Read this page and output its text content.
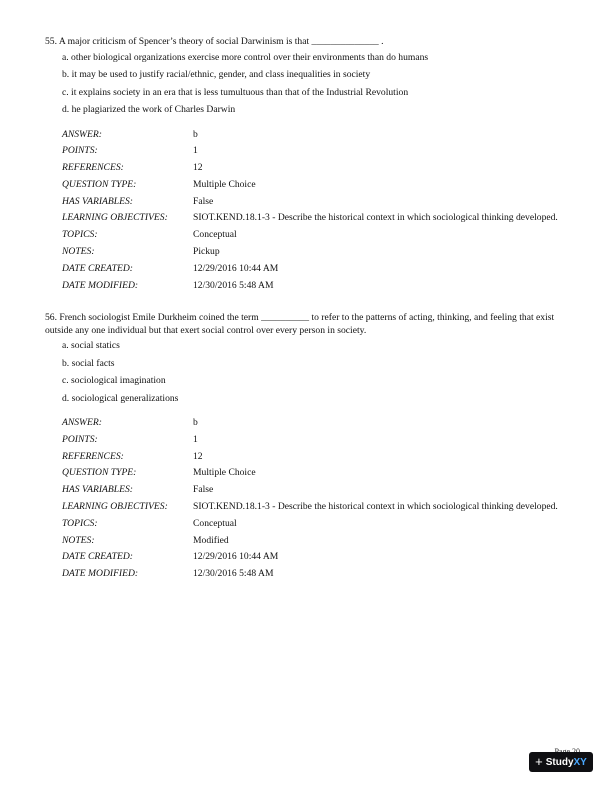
55. A major criticism of Spencer’s theory of social Darwinism is that ______________ .
a. other biological organizations exercise more control over their environments than do humans
b. it may be used to justify racial/ethnic, gender, and class inequalities in society
c. it explains society in an era that is less tumultuous than that of the Industrial Revolution
d. he plagiarized the work of Charles Darwin
ANSWER:	b
POINTS:	1
REFERENCES:	12
QUESTION TYPE:	Multiple Choice
HAS VARIABLES:	False
LEARNING OBJECTIVES:	SIOT.KEND.18.1-3 - Describe the historical context in which sociological thinking developed.
TOPICS:	Conceptual
NOTES:	Pickup
DATE CREATED:	12/29/2016 10:44 AM
DATE MODIFIED:	12/30/2016 5:48 AM
56. French sociologist Emile Durkheim coined the term __________ to refer to the patterns of acting, thinking, and feeling that exist outside any one individual but that exert social control over every person in society.
a. social statics
b. social facts
c. sociological imagination
d. sociological generalizations
ANSWER:	b
POINTS:	1
REFERENCES:	12
QUESTION TYPE:	Multiple Choice
HAS VARIABLES:	False
LEARNING OBJECTIVES:	SIOT.KEND.18.1-3 - Describe the historical context in which sociological thinking developed.
TOPICS:	Conceptual
NOTES:	Modified
DATE CREATED:	12/29/2016 10:44 AM
DATE MODIFIED:	12/30/2016 5:48 AM
+ Study XY
